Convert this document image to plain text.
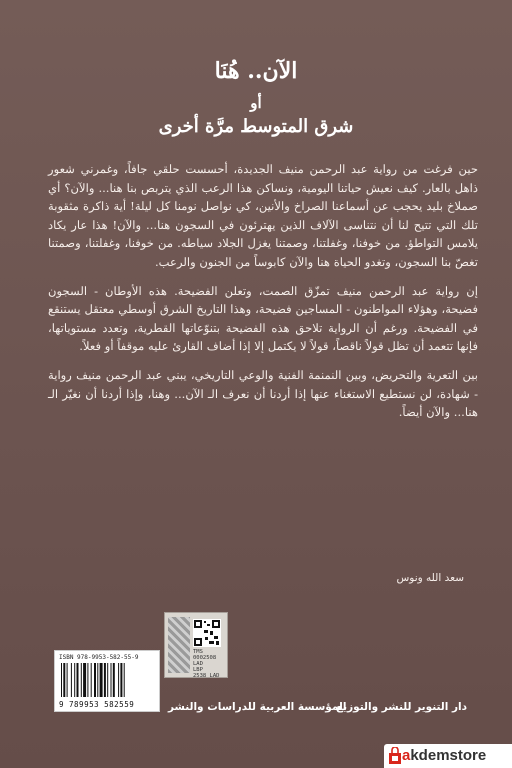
الآن.. هُنَا
أو
شرق المتوسط مرَّة أخرى

حين فرغت من رواية عبد الرحمن منيف الجديدة، أحسست حلقي جافاً، وغمرني شعور ذاهل بالعار. كيف نعيش حياتنا اليومية، ونساكن هذا الرعب الذي يتربص بنا هنا... والآن؟ أي صملاخ بليد يحجب عن أسماعنا الصراخ والأنين، كي نواصل نومنا كل ليلة! أية ذاكرة مثقوبة تلك التي تتيح لنا أن نتناسى الآلاف الذين يهترئون في السجون هنا... والآن! هذا عار يكاد يلامس التواطؤ. من خوفنا، وغفلتنا، وصمتنا يغزل الجلاد سياطه. من خوفنا، وغفلتنا، وصمتنا تغصّ بنا السجون، وتغدو الحياة هنا والآن كابوساً من الجنون والرعب.

إن رواية عبد الرحمن منيف تمزّق الصمت، وتعلن الفضيحة. هذه الأوطان - السجون فضيحة، وهؤلاء المواطنون - المساجين فضيحة، وهذا التاريخ الشرق أوسطي معتقل يستنقع في الفضيحة. ورغم أن الرواية تلاحق هذه الفضيحة بتنوّعاتها القطرية، وتعدد مستوياتها، فإنها تتعمد أن تظل قولاً ناقصاً، قولاً لا يكتمل إلا إذا أضاف القارئ عليه موقفاً أو فعلاً.

بين التعرية والتحريض، وبين النمنمة الفنية والوعي التاريخي، يبني عبد الرحمن منيف رواية - شهادة، لن نستطيع الاستغناء عنها إذا أردنا أن نعرف الـ الآن... وهنا، وإذا أردنا أن نغيّر الـ هنا... والآن أيضاً.

سعد الله ونوس
TMS
0002508
LAD
LBP
2538 LAD
ISBN 978-9953-582-55-9
9 789953 582559	دار التنوير للنشر والتوزيع
المؤسسة العربية للدراسات والنشر
akdemstore
